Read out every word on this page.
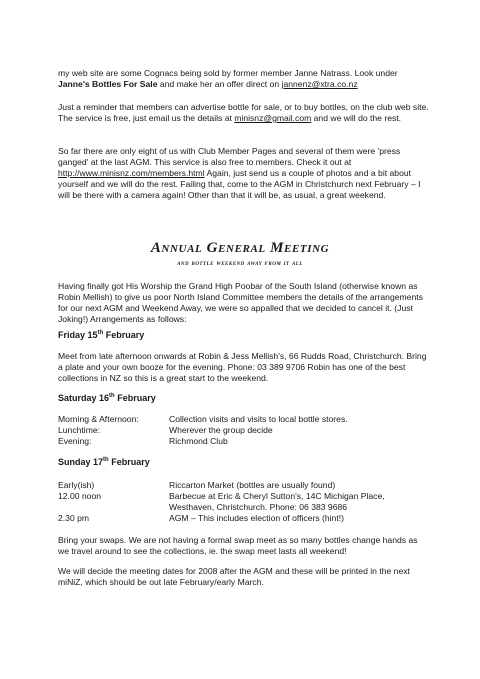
my web site are some Cognacs being sold by former member Janne Natrass. Look under

Janne's Bottles For Sale and make her an offer direct on jannenz@xtra.co.nz

Just a reminder that members can advertise bottle for sale, or to buy bottles, on the club web site. The service is free, just email us the details at minisnz@gmail.com and we will do the rest.

So far there are only eight of us with Club Member Pages and several of them were 'press ganged' at the last AGM. This service is also free to members. Check it out at http://www.minisnz.com/members.html Again, just send us a couple of photos and a bit about yourself and we will do the rest. Failing that, come to the AGM in Christchurch next February – I will be there with a camera again! Other than that it will be, as usual, a great weekend.

Annual General Meeting
and bottle weekend away from it all

Having finally got His Worship the Grand High Poobar of the South Island (otherwise known as Robin Mellish) to give us poor North Island Committee members the details of the arrangements for our next AGM and Weekend Away, we were so appalled that we decided to cancel it. (Just Joking!) Arrangements as follows:

Friday 15th February

Meet from late afternoon onwards at Robin & Jess Mellish's, 66 Rudds Road, Christchurch. Bring a plate and your own booze for the evening. Phone: 03 389 9706 Robin has one of the best collections in NZ so this is a great start to the weekend.

Saturday 16th February
Morning & Afternoon:	Collection visits and visits to local bottle stores.
Lunchtime:	Wherever the group decide
Evening:	Richmond Club
Sunday 17th February
Early(ish)	Riccarton Market (bottles are usually found)
12.00 noon	Barbecue at Eric & Cheryl Sutton's, 14C Michigan Place,
Westhaven, Christchurch. Phone: 06 383 9686
2.30 pm	AGM – This includes election of officers (hint!)

Bring your swaps. We are not having a formal swap meet as so many bottles change hands as we travel around to see the collections, ie. the swap meet lasts all weekend!

We will decide the meeting dates for 2008 after the AGM and these will be printed in the next miNiZ, which should be out late February/early March.
